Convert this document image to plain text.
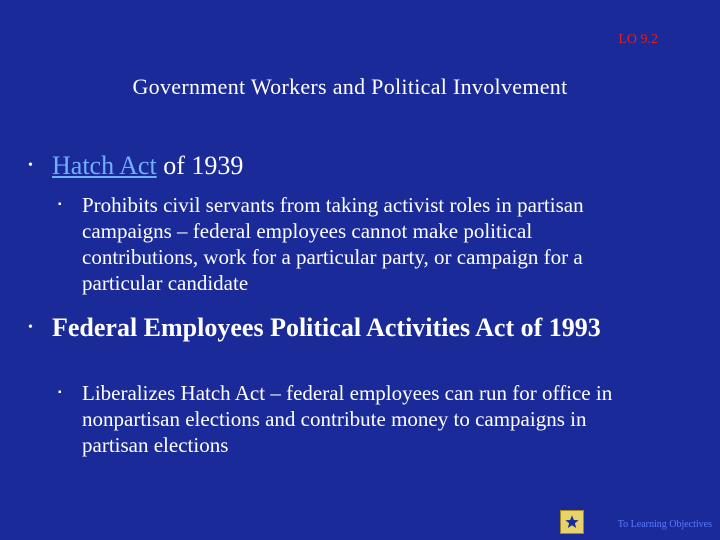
LO 9.2
Government Workers and Political Involvement
• Hatch Act of 1939
▪ Prohibits civil servants from taking activist roles in partisan campaigns – federal employees cannot make political contributions, work for a particular party, or campaign for a particular candidate
• Federal Employees Political Activities Act of 1993
▪ Liberalizes Hatch Act – federal employees can run for office in nonpartisan elections and contribute money to campaigns in partisan elections
To Learning Objectives
